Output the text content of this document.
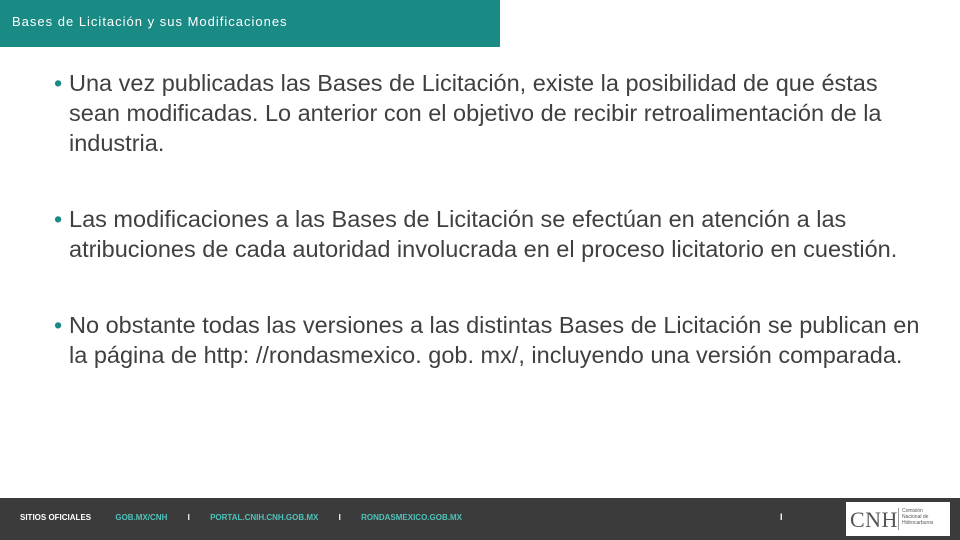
Bases de Licitación y sus Modificaciones
• Una vez publicadas las Bases de Licitación, existe la posibilidad de que éstas sean modificadas. Lo anterior con el objetivo de recibir retroalimentación de la industria.
• Las modificaciones a las Bases de Licitación se efectúan en atención a las atribuciones de cada autoridad involucrada en el proceso licitatorio en cuestión.
• No obstante todas las versiones a las distintas Bases de Licitación se publican en la página de http: //rondasmexico. gob. mx/, incluyendo una versión comparada.
SITIOS OFICIALES	GOB.MX/CNH	I	PORTAL.CNIH.CNH.GOB.MX	I	RONDASMEXICO.GOB.MX	I	CNH Comisión
Nacional de
Hidrocarburos
